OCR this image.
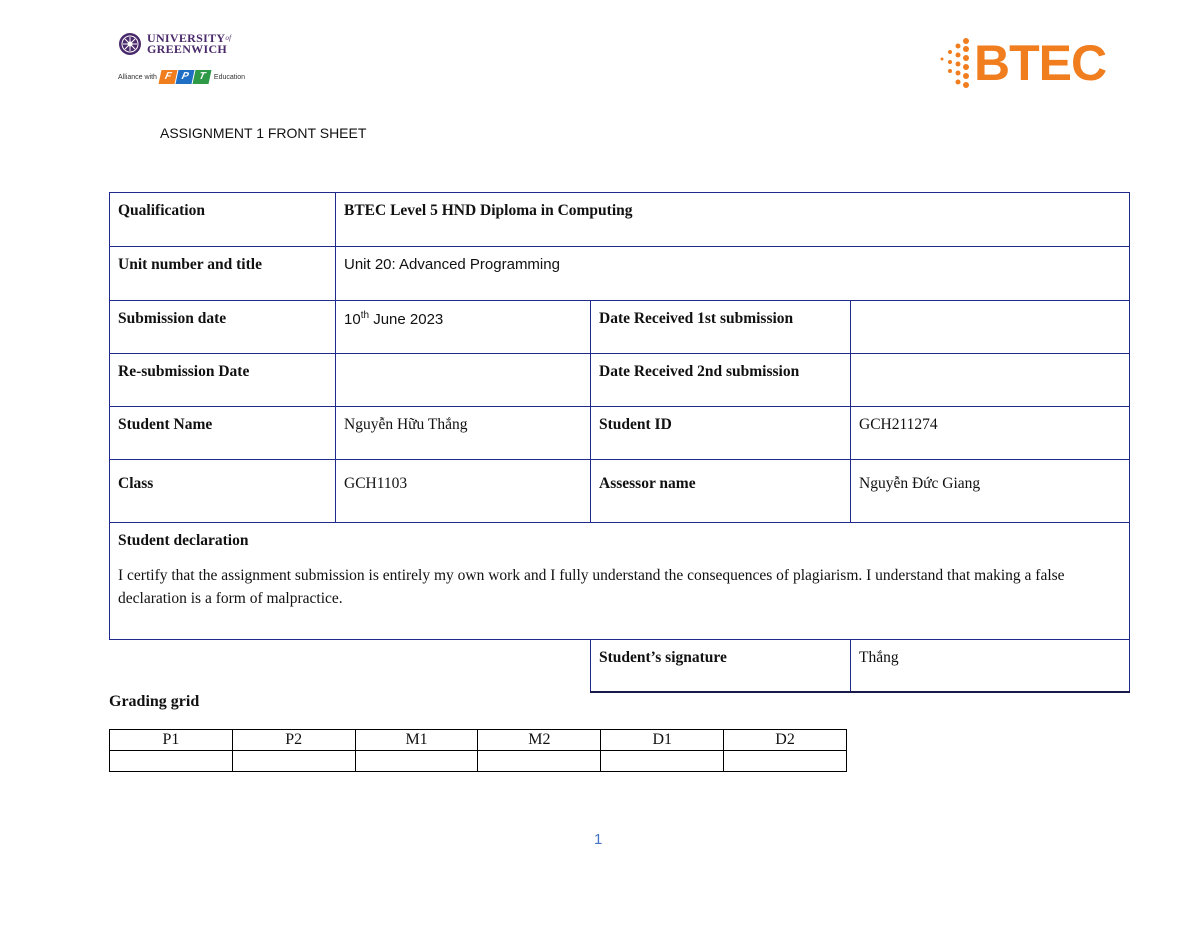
$UNIVERSITY^{of}$
GREENWICH
Alliance with F P T	Education	BTEC
ASSIGNMENT 1 FRONT SHEET
Qualification	BTEC Level 5 HND Diploma in Computing		
Unit number and title	Unit 20: Advanced Programming		
Submission date	10th June 2023	Date Received 1st submission	
Re-submission Date		Date Received 2nd submission	
Student Name	Nguyễn Hữu Thắng	Student ID	GCH211274
Class	GCH1103	Assessor name	Nguyễn Đức Giang

Student declaration
I certify that the assignment submission is entirely my own work and I fully understand the consequences of plagiarism. I understand that making a false declaration is a form of malpractice.			

		Student’s signature	Thắng
Grading grid
P1	P2	M1	M2	D1	D2

1
